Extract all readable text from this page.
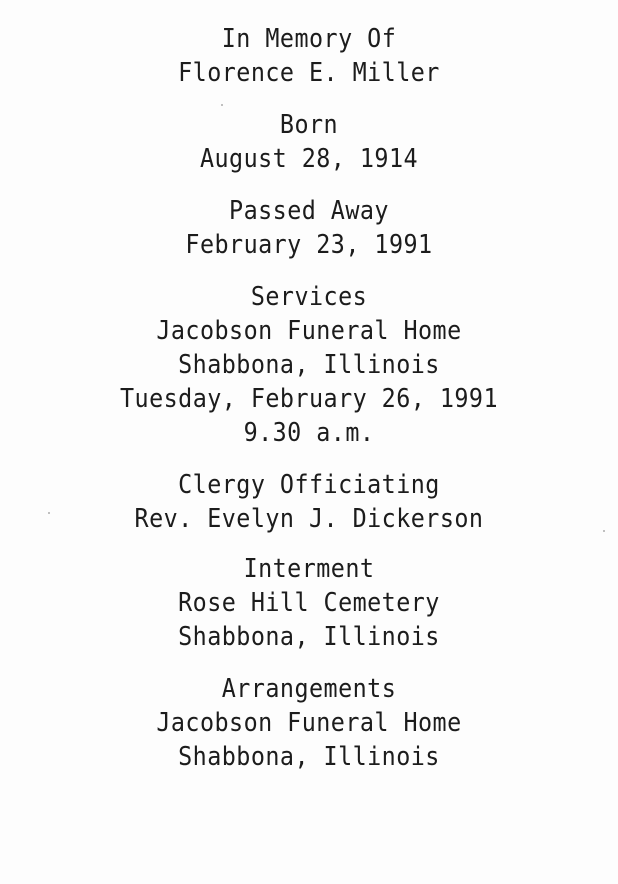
In Memory Of
Florence E. Miller
Born
August 28, 1914
Passed Away
February 23, 1991
Services
Jacobson Funeral Home
Shabbona, Illinois
Tuesday, February 26, 1991
9.30 a.m.
Clergy Officiating
Rev. Evelyn J. Dickerson
Interment
Rose Hill Cemetery
Shabbona, Illinois
Arrangements
Jacobson Funeral Home
Shabbona, Illinois
